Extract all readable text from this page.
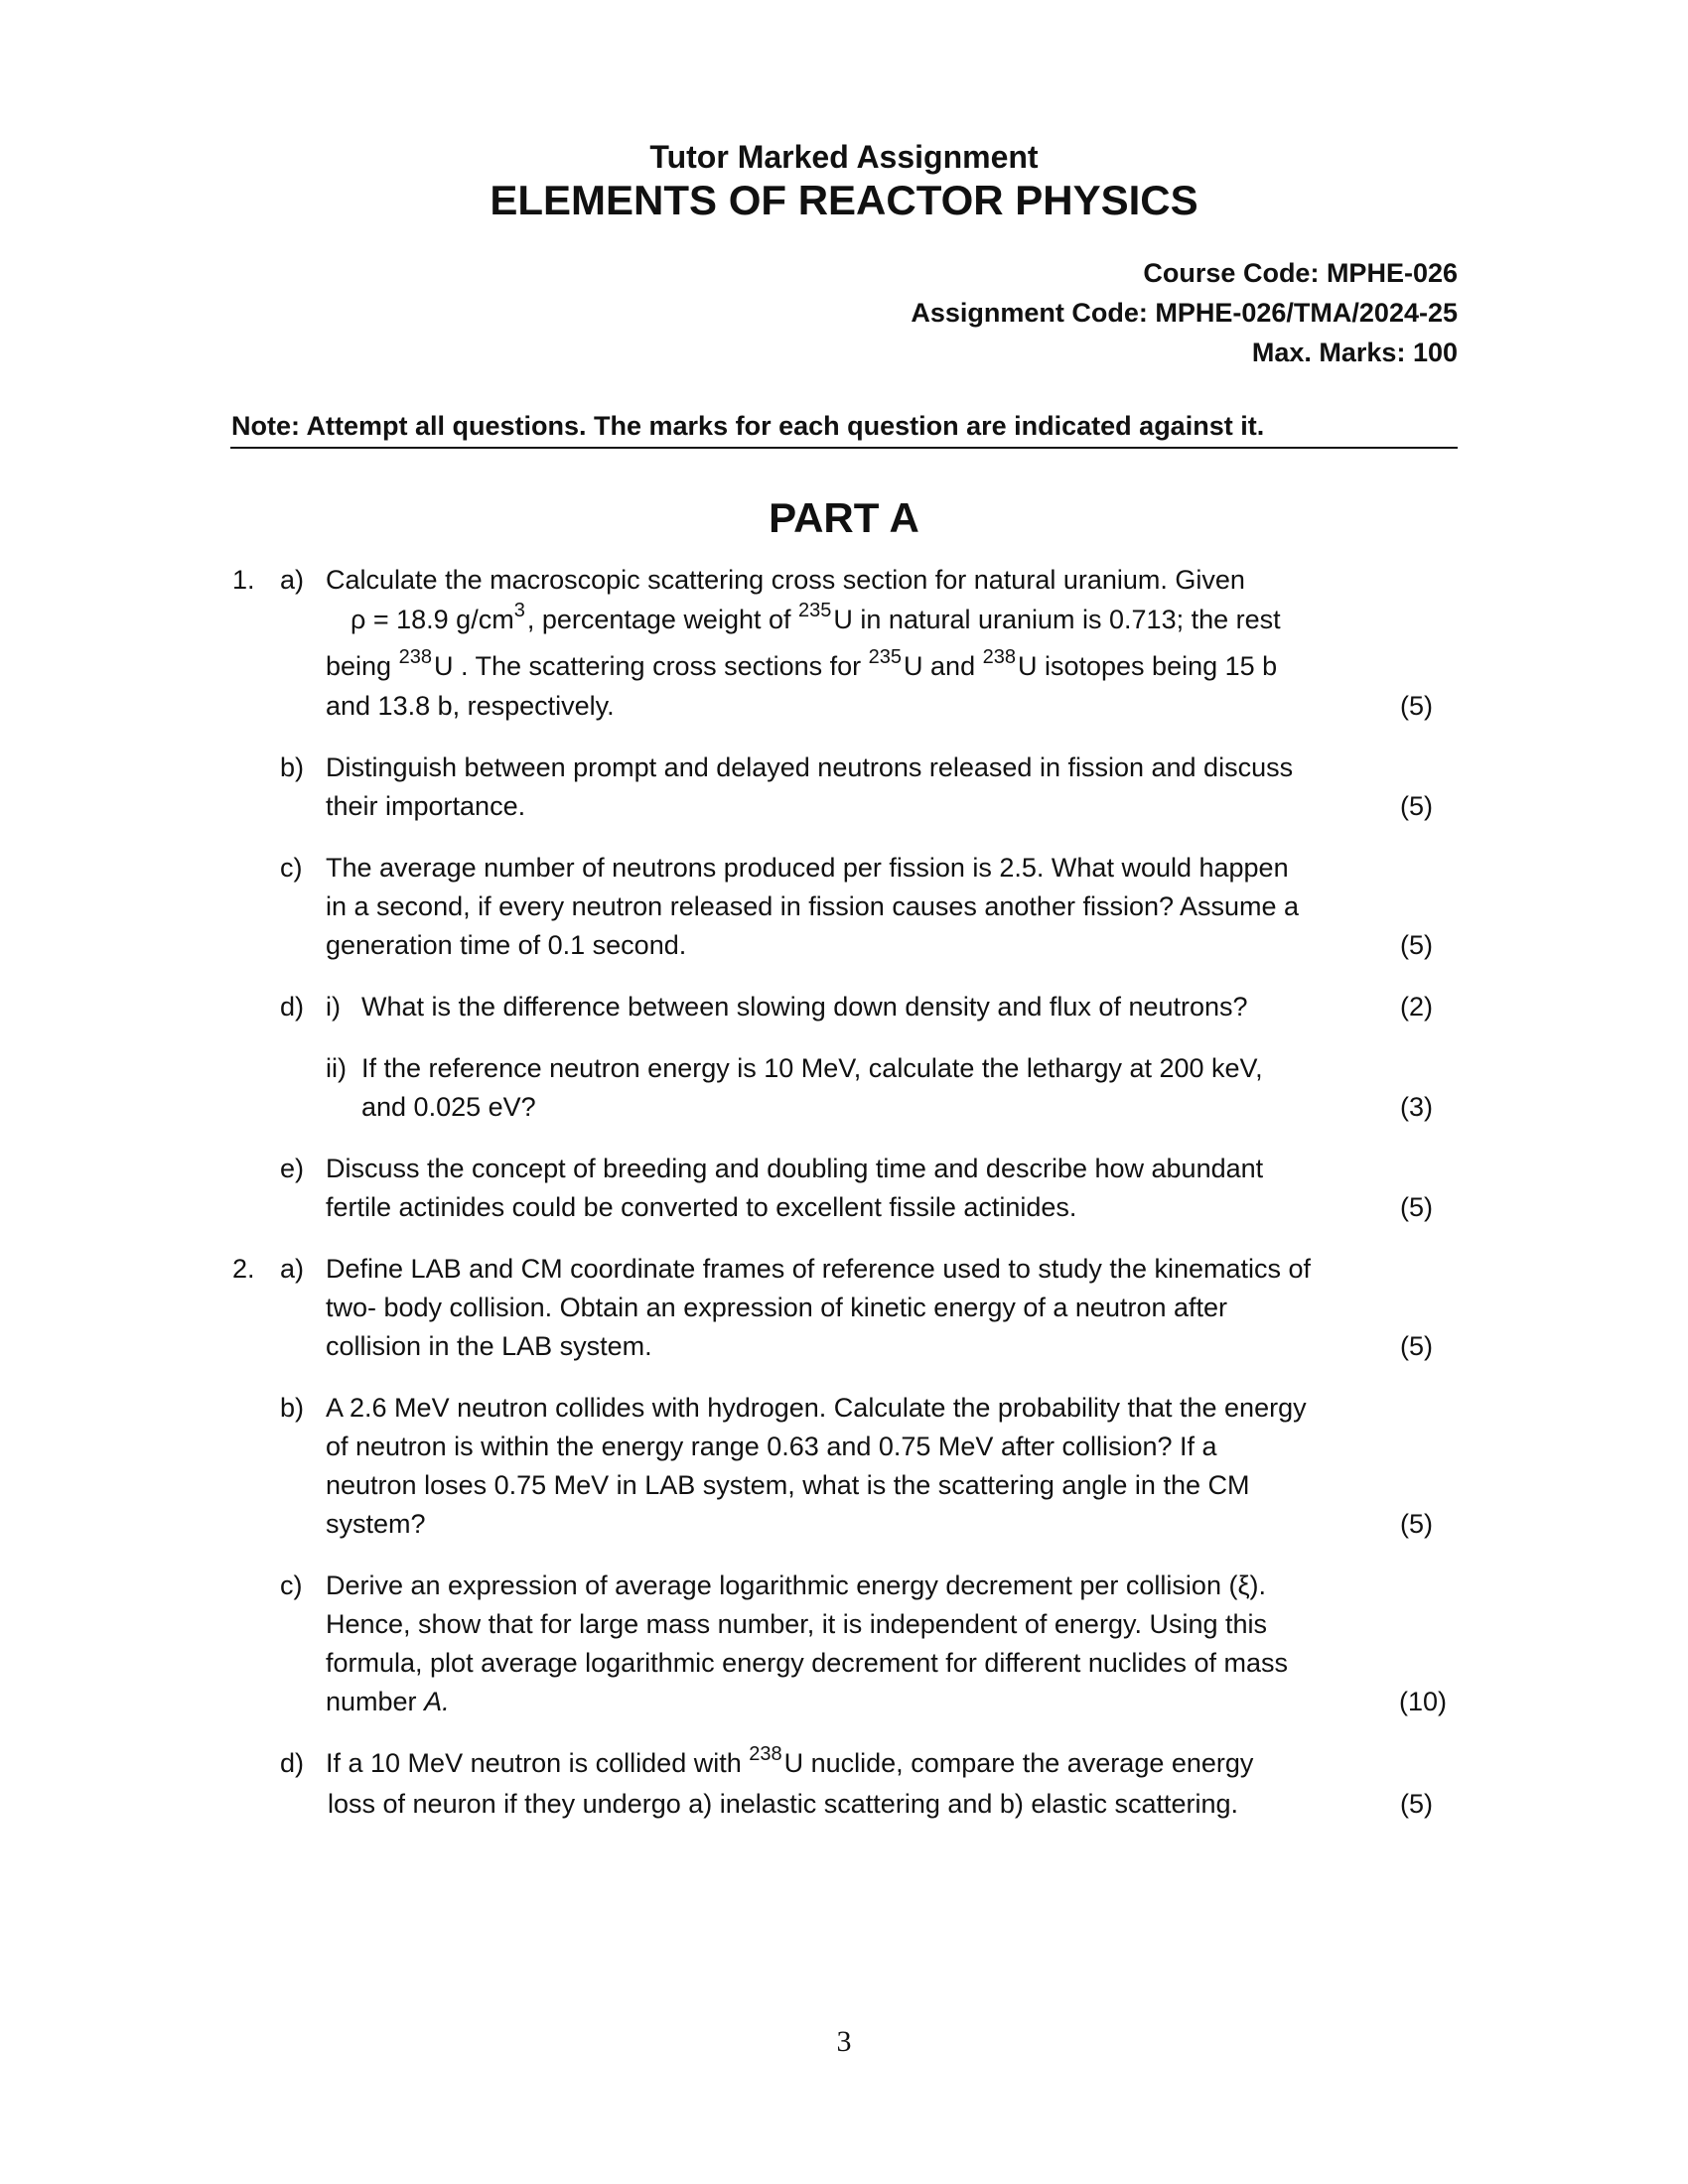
Tutor Marked Assignment
ELEMENTS OF REACTOR PHYSICS
Course Code: MPHE-026
Assignment Code: MPHE-026/TMA/2024-25
Max. Marks: 100
Note: Attempt all questions. The marks for each question are indicated against it.
PART A
1. a) Calculate the macroscopic scattering cross section for natural uranium. Given
ρ = 18.9 $g/cm^3$, percentage weight of $^{235}$U in natural uranium is 0.713; the rest
being $^{238}$U . The scattering cross sections for $^{235}$U and $^{238}$U isotopes being 15 b
and 13.8 b, respectively.	(5)
b) Distinguish between prompt and delayed neutrons released in fission and discuss
their importance.	(5)
c) The average number of neutrons produced per fission is 2.5. What would happen
in a second, if every neutron released in fission causes another fission? Assume a
generation time of 0.1 second.	(5)
d) i) What is the difference between slowing down density and flux of neutrons?	(2)
ii) If the reference neutron energy is 10 MeV, calculate the lethargy at 200 keV,
and 0.025 eV?	(3)
e) Discuss the concept of breeding and doubling time and describe how abundant
fertile actinides could be converted to excellent fissile actinides.	(5)
2. a) Define LAB and CM coordinate frames of reference used to study the kinematics of
two- body collision. Obtain an expression of kinetic energy of a neutron after
collision in the LAB system.	(5)
b) A 2.6 MeV neutron collides with hydrogen. Calculate the probability that the energy
of neutron is within the energy range 0.63 and 0.75 MeV after collision? If a
neutron loses 0.75 MeV in LAB system, what is the scattering angle in the CM
system?	(5)
c) Derive an expression of average logarithmic energy decrement per collision (ξ).
Hence, show that for large mass number, it is independent of energy. Using this
formula, plot average logarithmic energy decrement for different nuclides of mass
number A.	(10)
d) If a 10 MeV neutron is collided with $^{238}$U nuclide, compare the average energy
loss of neuron if they undergo a) inelastic scattering and b) elastic scattering.	(5)
3
